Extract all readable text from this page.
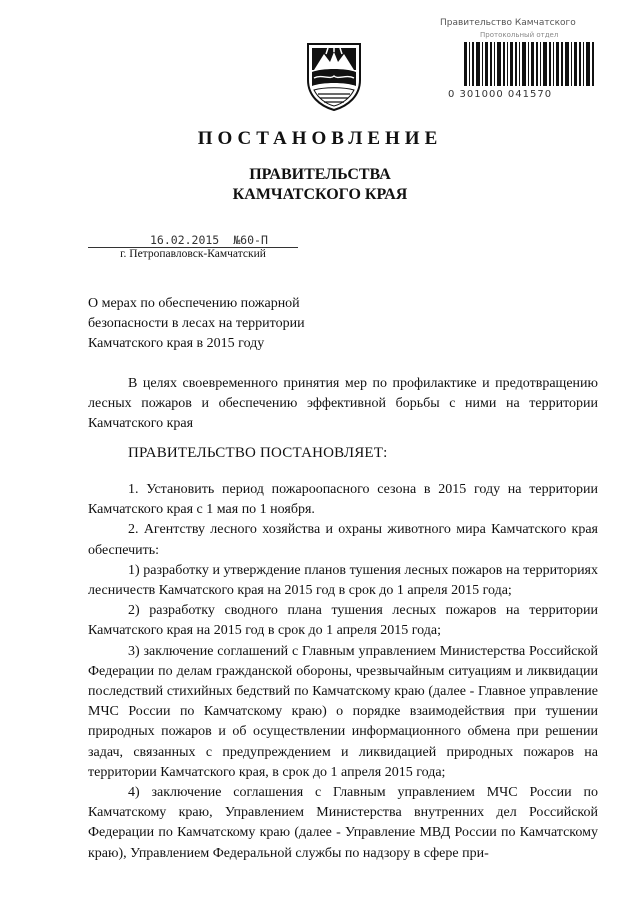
Правительство Камчатского
Протокольный отдел
0 301000 041570
ПОСТАНОВЛЕНИЕ
ПРАВИТЕЛЬСТВА
КАМЧАТСКОГО КРАЯ
16.02.2015 №60-П
г. Петропавловск-Камчатский
О мерах по обеспечению пожарной
безопасности в лесах на территории
Камчатского края в 2015 году
В целях своевременного принятия мер по профилактике и предотвращению лесных пожаров и обеспечению эффективной борьбы с ними на территории Камчатского края
ПРАВИТЕЛЬСТВО ПОСТАНОВЛЯЕТ:

1. Установить период пожароопасного сезона в 2015 году на территории Камчатского края с 1 мая по 1 ноября.

2. Агентству лесного хозяйства и охраны животного мира Камчатского края обеспечить:

1) разработку и утверждение планов тушения лесных пожаров на территориях лесничеств Камчатского края на 2015 год в срок до 1 апреля 2015 года;

2) разработку сводного плана тушения лесных пожаров на территории Камчатского края на 2015 год в срок до 1 апреля 2015 года;

3) заключение соглашений с Главным управлением Министерства Российской Федерации по делам гражданской обороны, чрезвычайным ситуациям и ликвидации последствий стихийных бедствий по Камчатскому краю (далее - Главное управление МЧС России по Камчатскому краю) о порядке взаимодействия при тушении природных пожаров и об осуществлении информационного обмена при решении задач, связанных с предупреждением и ликвидацией природных пожаров на территории Камчатского края, в срок до 1 апреля 2015 года;

4) заключение соглашения с Главным управлением МЧС России по Камчатскому краю, Управлением Министерства внутренних дел Российской Федерации по Камчатскому краю (далее - Управление МВД России по Камчатскому краю), Управлением Федеральной службы по надзору в сфере при-
